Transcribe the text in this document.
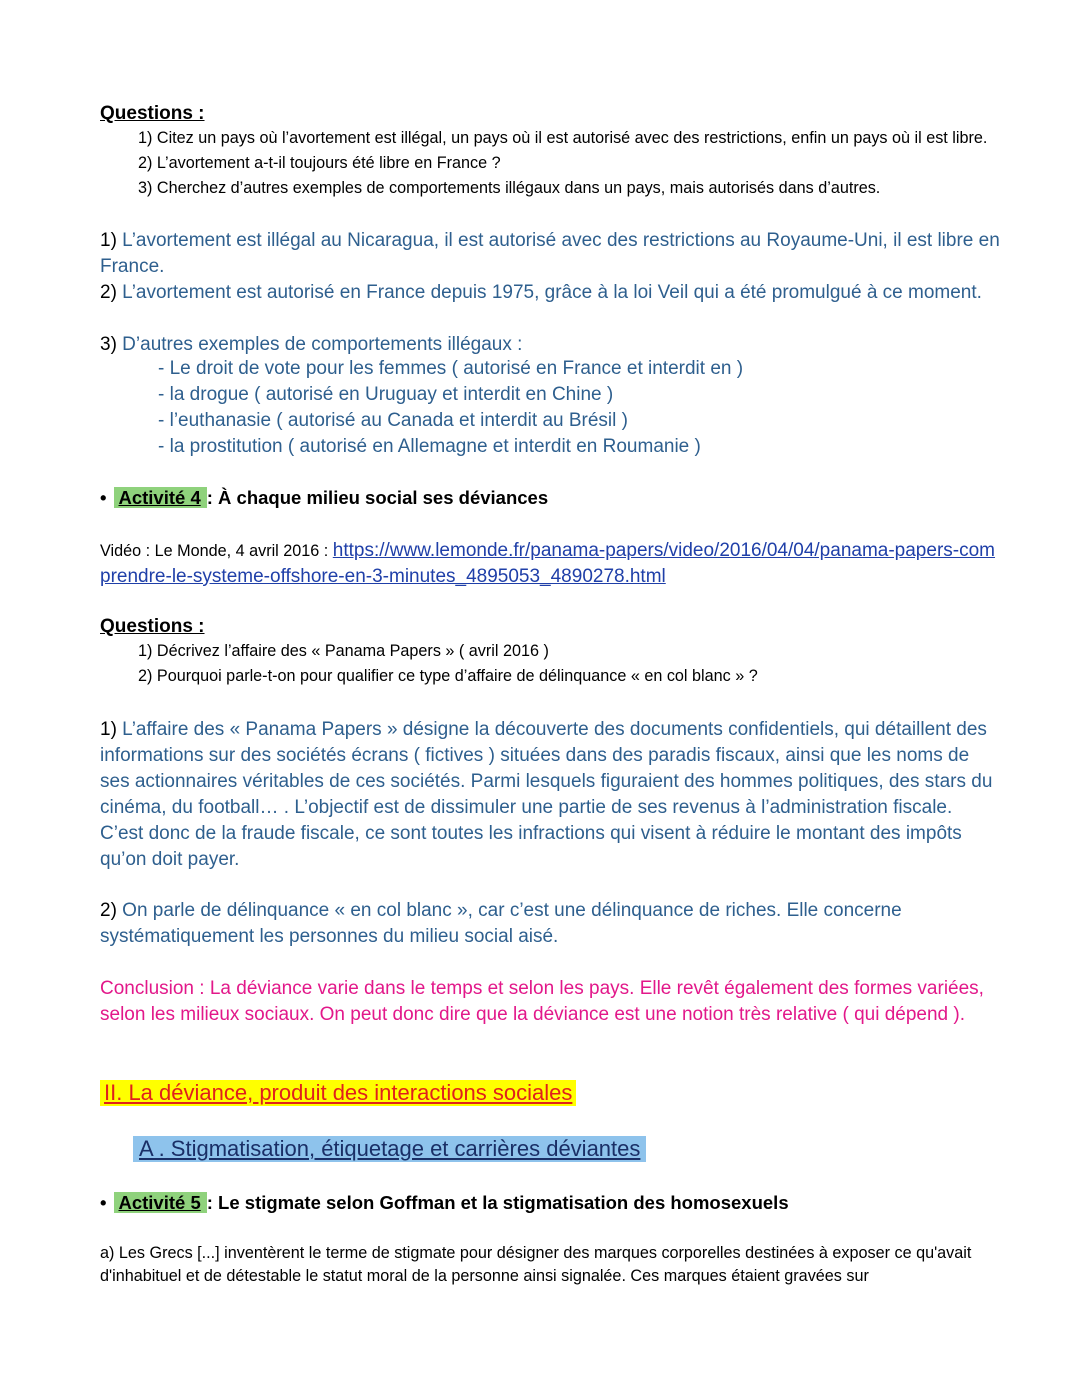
Questions :
1) Citez un pays où l’avortement est illégal, un pays où il est autorisé avec des restrictions, enfin un pays où il est libre.
2) L’avortement a-t-il toujours été libre en France ?
3) Cherchez d’autres exemples de comportements illégaux dans un pays, mais autorisés dans d’autres.
1) L’avortement est illégal au Nicaragua, il est autorisé avec des restrictions au Royaume-Uni, il est libre en France.
2) L’avortement est autorisé en France depuis 1975, grâce à la loi Veil qui a été promulgué à ce moment.
3) D’autres exemples de comportements illégaux :
- Le droit de vote pour les femmes ( autorisé en France et interdit en )
- la drogue ( autorisé en Uruguay et interdit en Chine )
- l’euthanasie ( autorisé au Canada et interdit au Brésil )
- la prostitution ( autorisé en Allemagne et interdit en Roumanie )
• Activité 4 : À chaque milieu social ses déviances
Vidéo : Le Monde, 4 avril 2016 : https://www.lemonde.fr/panama-papers/video/2016/04/04/panama-papers-comprendre-le-systeme-offshore-en-3-minutes_4895053_4890278.html
Questions :
1) Décrivez l’affaire des « Panama Papers » ( avril 2016 )
2) Pourquoi parle-t-on pour qualifier ce type d’affaire de délinquance « en col blanc » ?
1) L’affaire des « Panama Papers » désigne la découverte des documents confidentiels, qui détaillent des informations sur des sociétés écrans ( fictives ) situées dans des paradis fiscaux, ainsi que les noms de ses actionnaires véritables de ces sociétés. Parmi lesquels figuraient des hommes politiques, des stars du cinéma, du football… . L’objectif est de dissimuler une partie de ses revenus à l’administration fiscale. C’est donc de la fraude fiscale, ce sont toutes les infractions qui visent à réduire le montant des impôts qu’on doit payer.
2) On parle de délinquance « en col blanc », car c’est une délinquance de riches. Elle concerne systématiquement les personnes du milieu social aisé.
Conclusion : La déviance varie dans le temps et selon les pays. Elle revêt également des formes variées, selon les milieux sociaux. On peut donc dire que la déviance est une notion très relative ( qui dépend ).
II. La déviance, produit des interactions sociales
A . Stigmatisation, étiquetage et carrières déviantes
• Activité 5 : Le stigmate selon Goffman et la stigmatisation des homosexuels
a) Les Grecs [...] inventèrent le terme de stigmate pour désigner des marques corporelles destinées à exposer ce qu'avait d'inhabituel et de détestable le statut moral de la personne ainsi signalée. Ces marques étaient gravées sur
